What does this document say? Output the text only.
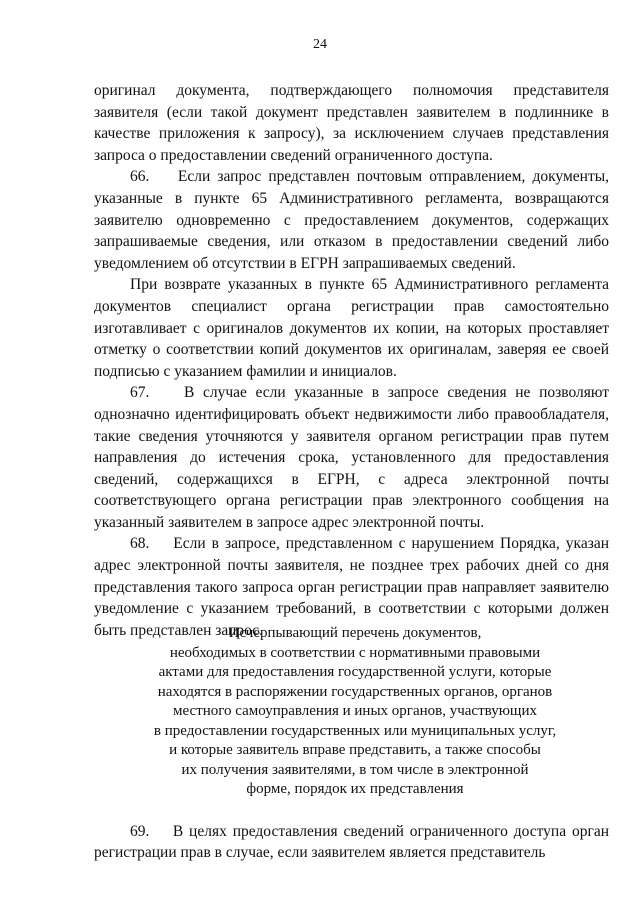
24

оригинал документа, подтверждающего полномочия представителя заявителя (если такой документ представлен заявителем в подлиннике в качестве приложения к запросу), за исключением случаев представления запроса о предоставлении сведений ограниченного доступа.

66. Если запрос представлен почтовым отправлением, документы, указанные в пункте 65 Административного регламента, возвращаются заявителю одновременно с предоставлением документов, содержащих запрашиваемые сведения, или отказом в предоставлении сведений либо уведомлением об отсутствии в ЕГРН запрашиваемых сведений.

При возврате указанных в пункте 65 Административного регламента документов специалист органа регистрации прав самостоятельно изготавливает с оригиналов документов их копии, на которых проставляет отметку о соответствии копий документов их оригиналам, заверяя ее своей подписью с указанием фамилии и инициалов.

67. В случае если указанные в запросе сведения не позволяют однозначно идентифицировать объект недвижимости либо правообладателя, такие сведения уточняются у заявителя органом регистрации прав путем направления до истечения срока, установленного для предоставления сведений, содержащихся в ЕГРН, с адреса электронной почты соответствующего органа регистрации прав электронного сообщения на указанный заявителем в запросе адрес электронной почты.

68. Если в запросе, представленном с нарушением Порядка, указан адрес электронной почты заявителя, не позднее трех рабочих дней со дня представления такого запроса орган регистрации прав направляет заявителю уведомление с указанием требований, в соответствии с которыми должен быть представлен запрос.

Исчерпывающий перечень документов,
необходимых в соответствии с нормативными правовыми
актами для предоставления государственной услуги, которые
находятся в распоряжении государственных органов, органов
местного самоуправления и иных органов, участвующих
в предоставлении государственных или муниципальных услуг,
и которые заявитель вправе представить, а также способы
их получения заявителями, в том числе в электронной
форме, порядок их представления

69. В целях предоставления сведений ограниченного доступа орган регистрации прав в случае, если заявителем является представитель
